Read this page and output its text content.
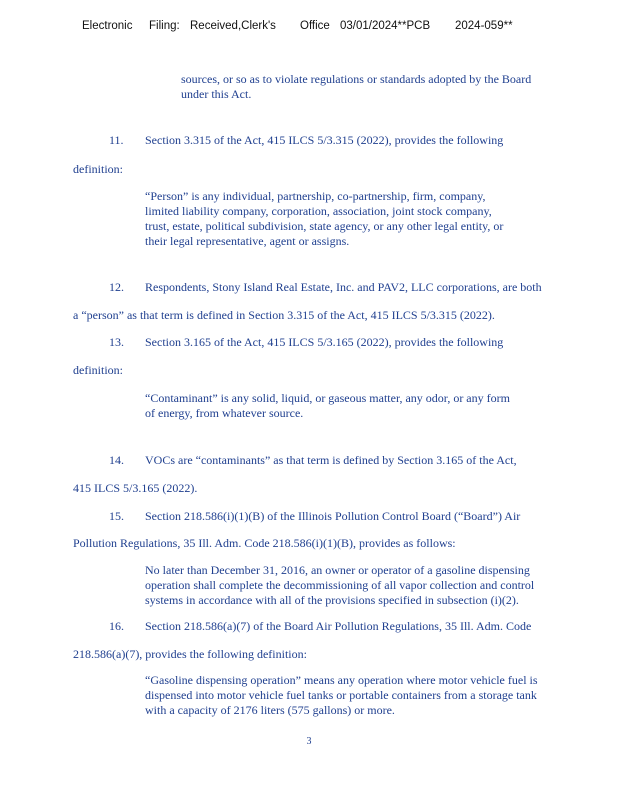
Electronic Filing: Received,Clerk's Office 03/01/2024**PCB 2024-059**
sources, or so as to violate regulations or standards adopted by the Board
under this Act.
11. Section 3.315 of the Act, 415 ILCS 5/3.315 (2022), provides the following
definition:
“Person” is any individual, partnership, co-partnership, firm, company,
limited liability company, corporation, association, joint stock company,
trust, estate, political subdivision, state agency, or any other legal entity, or
their legal representative, agent or assigns.
12. Respondents, Stony Island Real Estate, Inc. and PAV2, LLC corporations, are both
a “person” as that term is defined in Section 3.315 of the Act, 415 ILCS 5/3.315 (2022).
13. Section 3.165 of the Act, 415 ILCS 5/3.165 (2022), provides the following
definition:
“Contaminant” is any solid, liquid, or gaseous matter, any odor, or any form
of energy, from whatever source.
14. VOCs are “contaminants” as that term is defined by Section 3.165 of the Act,
415 ILCS 5/3.165 (2022).
15. Section 218.586(i)(1)(B) of the Illinois Pollution Control Board (“Board”) Air
Pollution Regulations, 35 Ill. Adm. Code 218.586(i)(1)(B), provides as follows:
No later than December 31, 2016, an owner or operator of a gasoline dispensing
operation shall complete the decommissioning of all vapor collection and control
systems in accordance with all of the provisions specified in subsection (i)(2).
16. Section 218.586(a)(7) of the Board Air Pollution Regulations, 35 Ill. Adm. Code
218.586(a)(7), provides the following definition:
“Gasoline dispensing operation” means any operation where motor vehicle fuel is
dispensed into motor vehicle fuel tanks or portable containers from a storage tank
with a capacity of 2176 liters (575 gallons) or more.
3
